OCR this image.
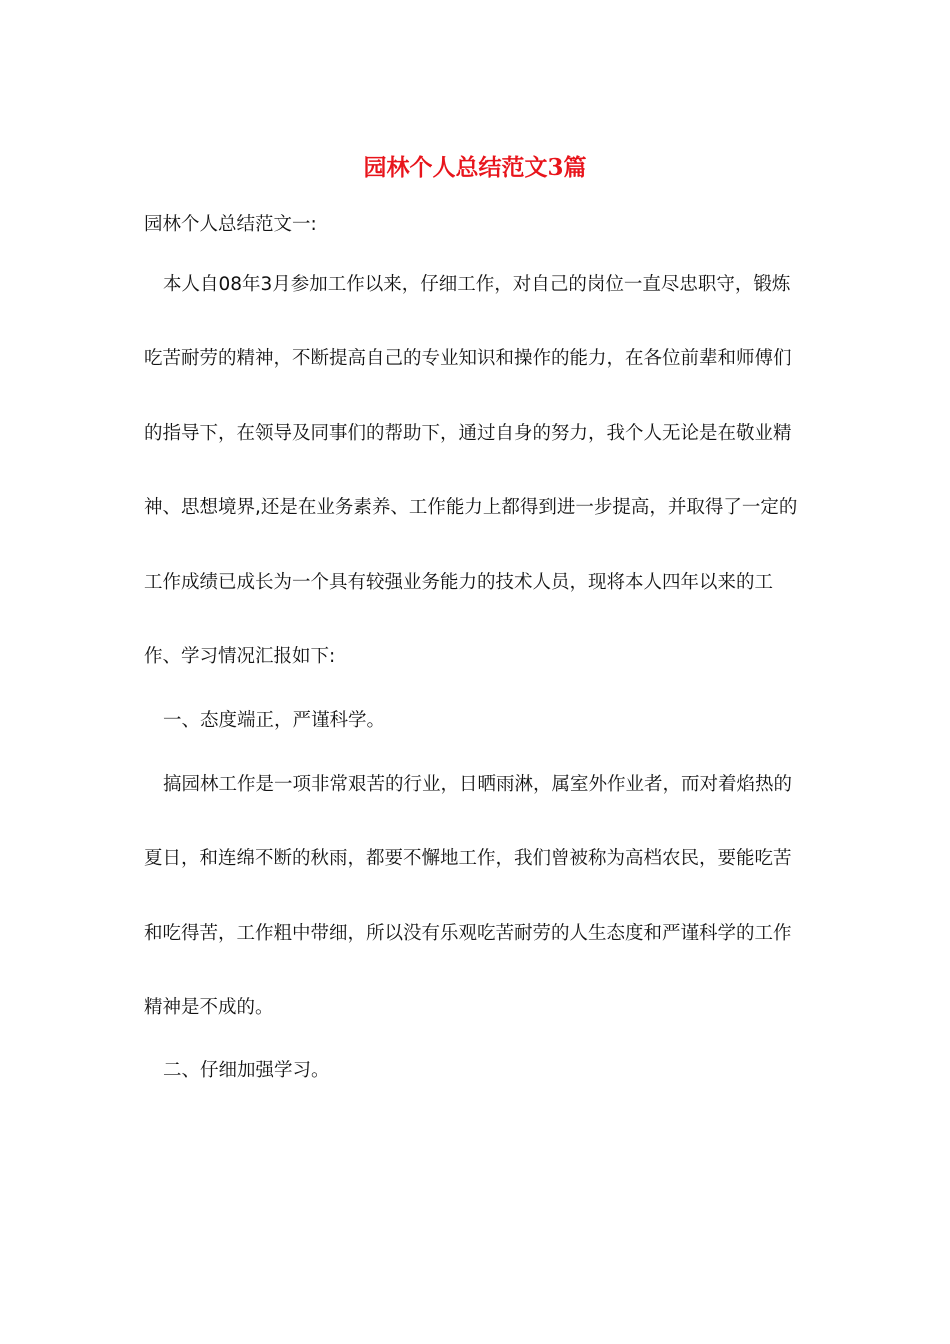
园林个人总结范文3篇

园林个人总结范文一:

本人自08年3月参加工作以来，仔细工作，对自己的岗位一直尽忠职守，锻炼吃苦耐劳的精神，不断提高自己的专业知识和操作的能力，在各位前辈和师傅们的指导下，在领导及同事们的帮助下，通过自身的努力，我个人无论是在敬业精神、思想境界,还是在业务素养、工作能力上都得到进一步提高，并取得了一定的工作成绩已成长为一个具有较强业务能力的技术人员，现将本人四年以来的工作、学习情况汇报如下:

一、态度端正，严谨科学。

搞园林工作是一项非常艰苦的行业，日晒雨淋，属室外作业者，而对着焰热的夏日，和连绵不断的秋雨，都要不懈地工作，我们曾被称为高档农民，要能吃苦和吃得苦，工作粗中带细，所以没有乐观吃苦耐劳的人生态度和严谨科学的工作精神是不成的。

二、仔细加强学习。
